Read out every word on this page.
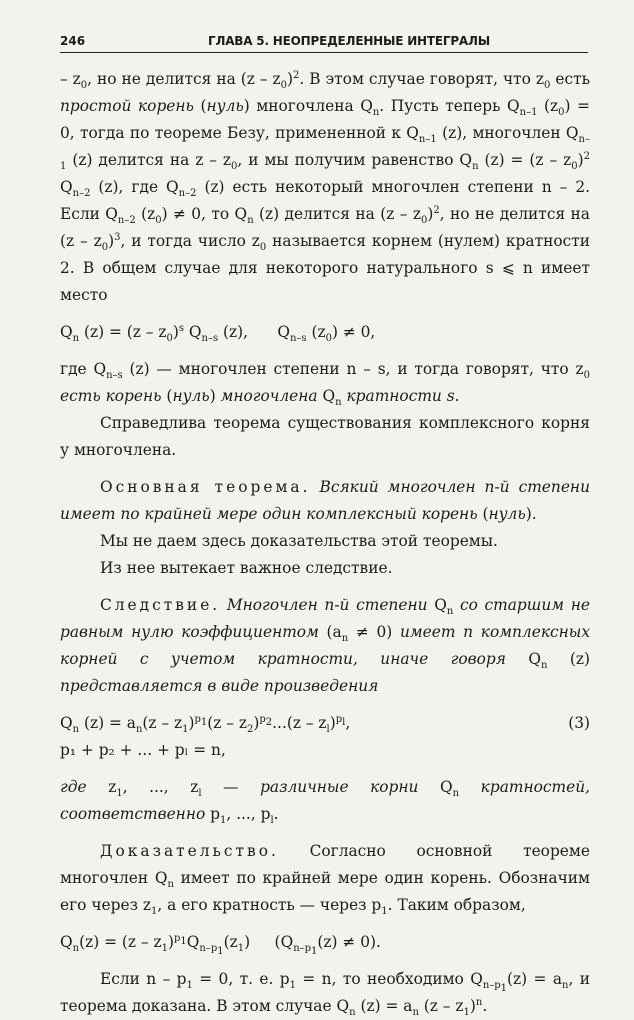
246	ГЛАВА 5. НЕОПРЕДЕЛЕННЫЕ ИНТЕГРАЛЫ

– $z_0$, но не делится на $(z - z_0)^2$. В этом случае говорят, что $z_0$ есть простой корень (нуль) многочлена $Q_n$. Пусть теперь $Q_{n-1}$ $(z_0) = 0$, тогда по теореме Безу, примененной к $Q_{n-1}$ (z), многочлен $Q_{n-1}$ (z) делится на z – $z_0$, и мы получим равенство $Q_n$ $(z) = (z - z_0)^2$ $Q_{n-2}$ (z), где $Q_{n-2}$ (z) есть некоторый многочлен степени n – 2. Если $Q_{n-2}$ $(z_0) \ne 0$, то $Q_n$ (z) делится на $(z - z_0)^2$, но не делится на $(z - z_0)^3$, и тогда число $z_0$ называется корнем (нулем) кратности 2. В общем случае для некоторого натурального s ⩽ n имеет место

$Q_n$ $(z) = (z - z_0)^s$ $Q_{n-s}$ (z),      $Q_{n-s}$ $(z_0) \ne 0$,

где $Q_{n-s}$ (z) — многочлен степени n – s, и тогда говорят, что $z_0$ есть корень (нуль) многочлена $Q_n$ кратности s.

Справедлива теорема существования комплексного корня у многочлена.

Основная теорема. Всякий многочлен n-й степени имеет по крайней мере один комплексный корень (нуль).

Мы не даем здесь доказательства этой теоремы.

Из нее вытекает важное следствие.

Следствие. Многочлен n-й степени $Q_n$ со старшим не равным нулю коэффициентом $(a_n \ne 0)$ имеет n комплексных корней с учетом кратности, иначе говоря $Q_n$ (z) представляется в виде произведения

$Q_n$ $(z) = a_n(z - z_1)^{p_1}(z - z_2)^{p_2}...(z - z_l)^{p_l}$,	(3)

p₁ + p₂ + ... + pₗ = n,

где $z_1$, ..., $z_l$ — различные корни $Q_n$ кратностей, соответственно $p_1$, ..., $p_l$.

Доказательство. Согласно основной теореме многочлен $Q_n$ имеет по крайней мере один корень. Обозначим его через $z_1$, а его кратность — через $p_1$. Таким образом,

$Q_n(z) = (z - z_1)^{p_1}Q_{n-p_1}(z_1)$     $(Q_{n-p_1}(z) \ne 0)$.

Если $n - p_1 = 0$, т. е. $p_1 = n$, то необходимо $Q_{n-p_1}(z) = a_n$, и теорема доказана. В этом случае $Q_n$ $(z) = a_n$ $(z - z_1)^n$.
